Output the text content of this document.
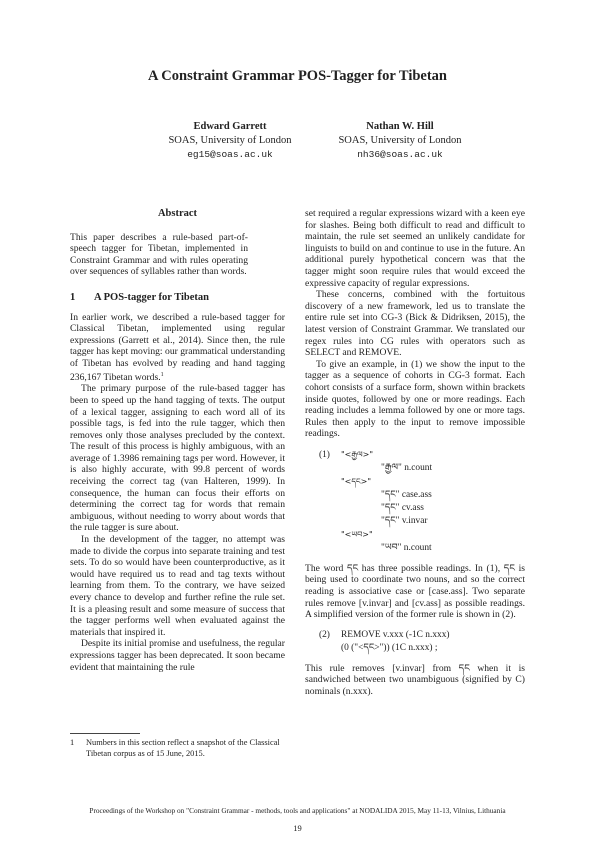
A Constraint Grammar POS-Tagger for Tibetan
Edward Garrett
SOAS, University of London
eg15@soas.ac.uk
Nathan W. Hill
SOAS, University of London
nh36@soas.ac.uk
Abstract

This paper describes a rule-based part-of-speech tagger for Tibetan, implemented in Constraint Grammar and with rules operating over sequences of syllables rather than words.

1 A POS-tagger for Tibetan

In earlier work, we described a rule-based tagger for Classical Tibetan, implemented using regular expressions (Garrett et al., 2014). Since then, the rule tagger has kept moving: our grammatical understanding of Tibetan has evolved by reading and hand tagging 236,167 Tibetan words.$^1$

The primary purpose of the rule-based tagger has been to speed up the hand tagging of texts. The output of a lexical tagger, assigning to each word all of its possible tags, is fed into the rule tagger, which then removes only those analyses precluded by the context. The result of this process is highly ambiguous, with an average of 1.3986 remaining tags per word. However, it is also highly accurate, with 99.8 percent of words receiving the correct tag (van Halteren, 1999). In consequence, the human can focus their efforts on determining the correct tag for words that remain ambiguous, without needing to worry about words that the rule tagger is sure about.

In the development of the tagger, no attempt was made to divide the corpus into separate training and test sets. To do so would have been counterproductive, as it would have required us to read and tag texts without learning from them. To the contrary, we have seized every chance to develop and further refine the rule set. It is a pleasing result and some measure of success that the tagger performs well when evaluated against the materials that inspired it.

Despite its initial promise and usefulness, the regular expressions tagger has been deprecated. It soon became evident that maintaining the rule

set required a regular expressions wizard with a keen eye for slashes. Being both difficult to read and difficult to maintain, the rule set seemed an unlikely candidate for linguists to build on and continue to use in the future. An additional purely hypothetical concern was that the tagger might soon require rules that would exceed the expressive capacity of regular expressions.

These concerns, combined with the fortuitous discovery of a new framework, led us to translate the entire rule set into CG-3 (Bick & Didriksen, 2015), the latest version of Constraint Grammar. We translated our regex rules into CG rules with operators such as SELECT and REMOVE.

To give an example, in (1) we show the input to the tagger as a sequence of cohorts in CG-3 format. Each cohort consists of a surface form, shown within brackets inside quotes, followed by one or more readings. Each reading includes a lemma followed by one or more tags. Rules then apply to the input to remove impossible readings.

(1) "<རྒྱལ>"
"རྒྱལ" n.count
"<དང>"
"དང" case.ass
"དང" cv.ass
"དང" v.invar
"<ཡབ>"
"ཡབ" n.count

The word དང has three possible readings. In (1), དང is being used to coordinate two nouns, and so the correct reading is associative case or [case.ass]. Two separate rules remove [v.invar] and [cv.ass] as possible readings. A simplified version of the former rule is shown in (2).

(2) REMOVE v.xxx (-1C n.xxx)
(0 ("<དང>")) (1C n.xxx) ;

This rule removes [v.invar] from དང when it is sandwiched between two unambiguous (signified by C) nominals (n.xxx).

1 Numbers in this section reflect a snapshot of the Classical Tibetan corpus as of 15 June, 2015.
Proceedings of the Workshop on "Constraint Grammar - methods, tools and applications" at NODALIDA 2015, May 11-13, Vilnius, Lithuania
19
